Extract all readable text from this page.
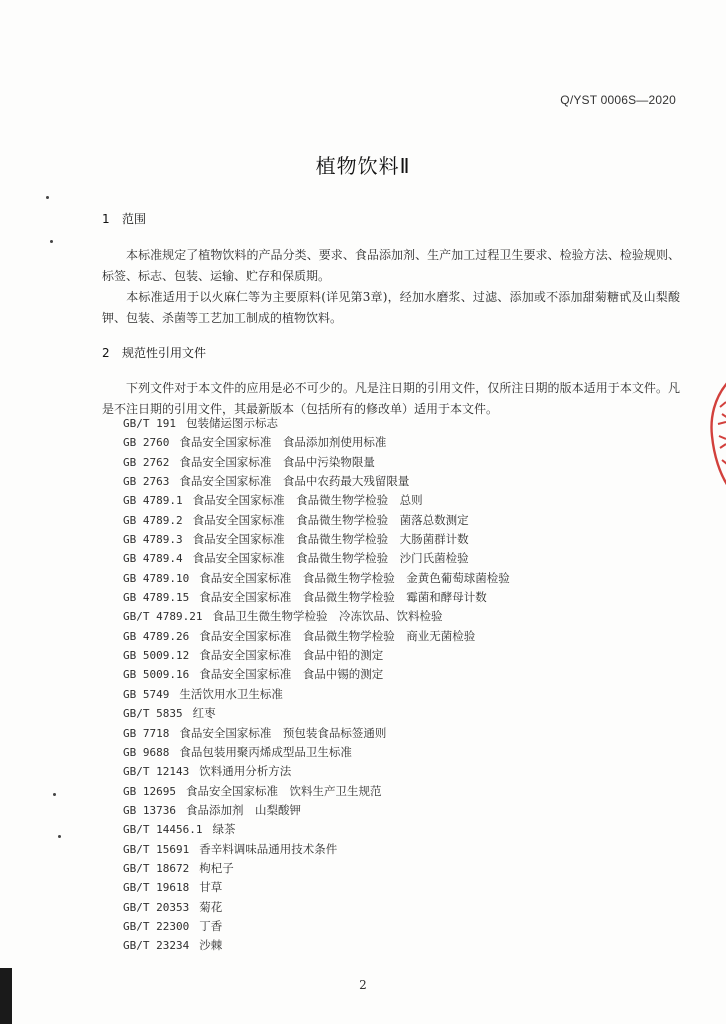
Q/YST 0006S—2020
植物饮料Ⅱ
1 范围
本标准规定了植物饮料的产品分类、要求、食品添加剂、生产加工过程卫生要求、检验方法、检验规则、标签、标志、包装、运输、贮存和保质期。
本标准适用于以火麻仁等为主要原料(详见第3章)，经加水磨浆、过滤、添加或不添加甜菊糖甙及山梨酸钾、包装、杀菌等工艺加工制成的植物饮料。
2 规范性引用文件
下列文件对于本文件的应用是必不可少的。凡是注日期的引用文件，仅所注日期的版本适用于本文件。凡是不注日期的引用文件，其最新版本（包括所有的修改单）适用于本文件。
GB/T 191 包装储运图示标志
GB 2760 食品安全国家标准　食品添加剂使用标准
GB 2762 食品安全国家标准　食品中污染物限量
GB 2763 食品安全国家标准　食品中农药最大残留限量
GB 4789.1 食品安全国家标准　食品微生物学检验　总则
GB 4789.2 食品安全国家标准　食品微生物学检验　菌落总数测定
GB 4789.3 食品安全国家标准　食品微生物学检验　大肠菌群计数
GB 4789.4 食品安全国家标准　食品微生物学检验　沙门氏菌检验
GB 4789.10 食品安全国家标准　食品微生物学检验　金黄色葡萄球菌检验
GB 4789.15 食品安全国家标准　食品微生物学检验　霉菌和酵母计数
GB/T 4789.21 食品卫生微生物学检验　冷冻饮品、饮料检验
GB 4789.26 食品安全国家标准　食品微生物学检验　商业无菌检验
GB 5009.12 食品安全国家标准　食品中铅的测定
GB 5009.16 食品安全国家标准　食品中锡的测定
GB 5749 生活饮用水卫生标准
GB/T 5835 红枣
GB 7718 食品安全国家标准　预包装食品标签通则
GB 9688 食品包装用聚丙烯成型品卫生标准
GB/T 12143 饮料通用分析方法
GB 12695 食品安全国家标准　饮料生产卫生规范
GB 13736 食品添加剂　山梨酸钾
GB/T 14456.1 绿茶
GB/T 15691 香辛料调味品通用技术条件
GB/T 18672 枸杞子
GB/T 19618 甘草
GB/T 20353 菊花
GB/T 22300 丁香
GB/T 23234 沙棘
2
